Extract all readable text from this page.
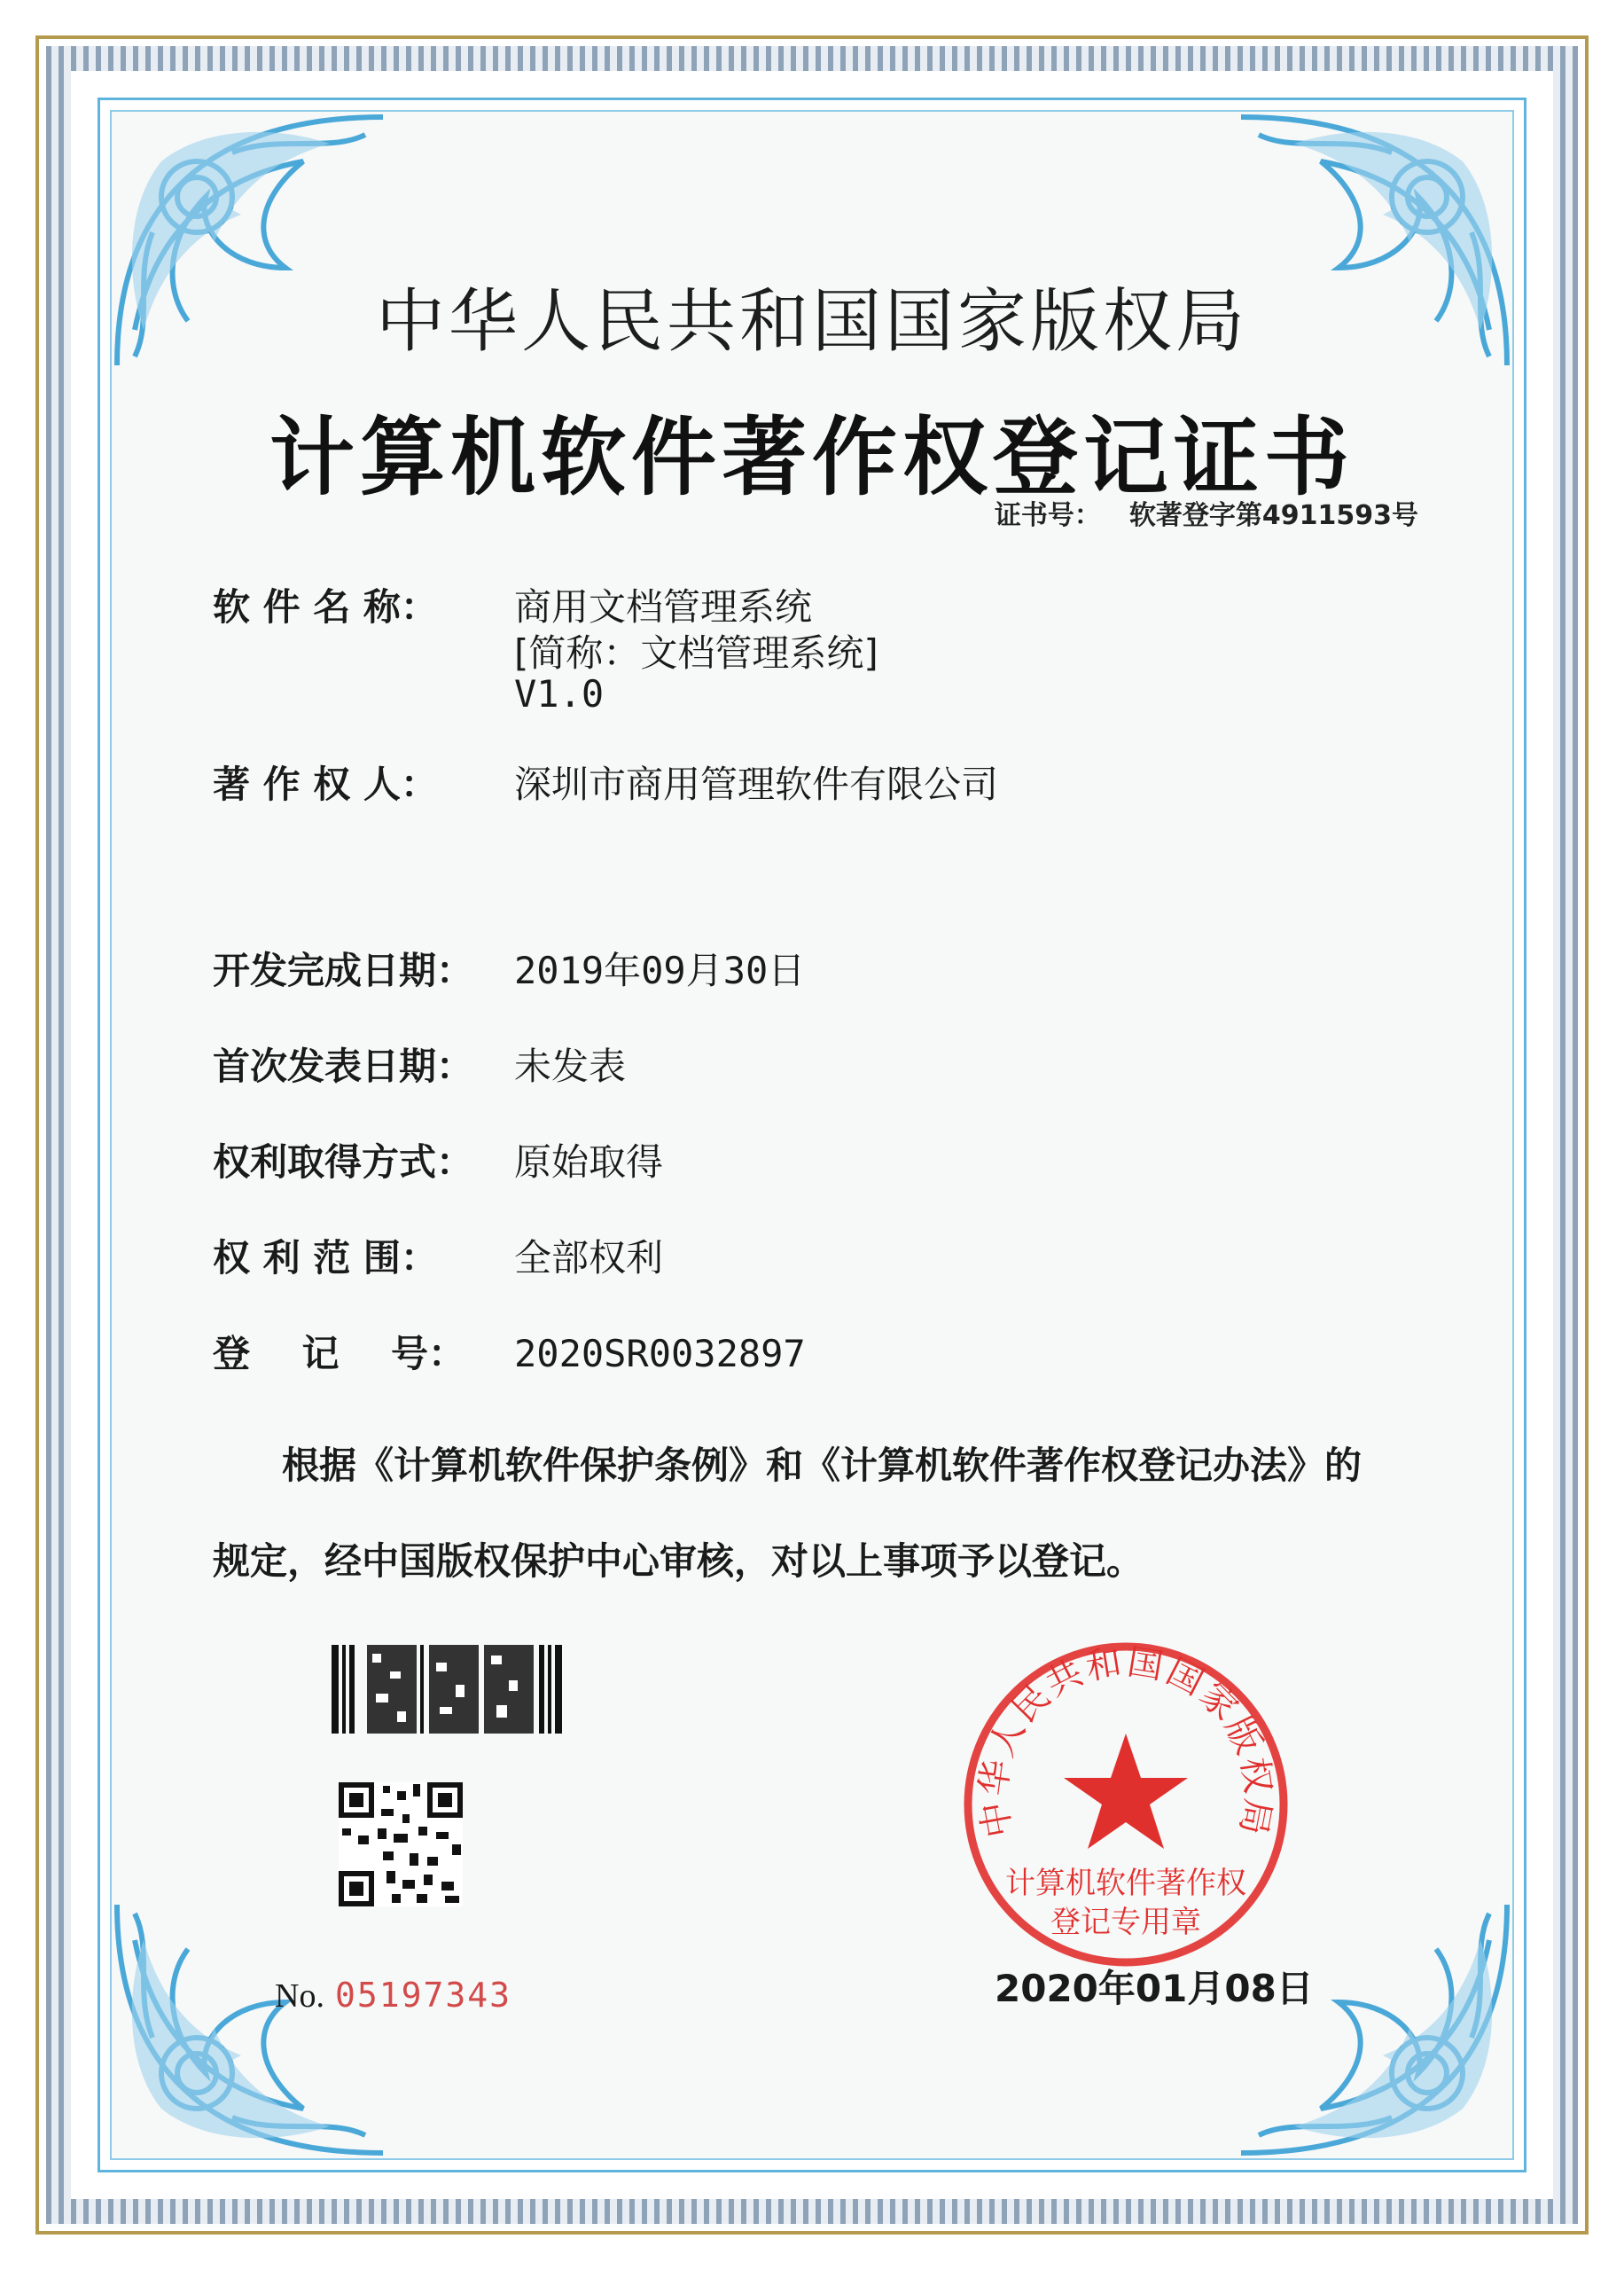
中华人民共和国国家版权局
计算机软件著作权登记证书
证书号： 软著登字第4911593号
软 件 名 称： 商用文档管理系统
[简称：文档管理系统]
V1.0
著 作 权 人： 深圳市商用管理软件有限公司
开发完成日期： 2019年09月30日
首次发表日期： 未发表
权利取得方式： 原始取得
权 利 范 围： 全部权利
登    记    号： 2020SR0032897
根据《计算机软件保护条例》和《计算机软件著作权登记办法》的
规定，经中国版权保护中心审核，对以上事项予以登记。
No. 05197343
中华人民共和国国家版权局
计算机软件著作权
登记专用章
2020年01月08日
